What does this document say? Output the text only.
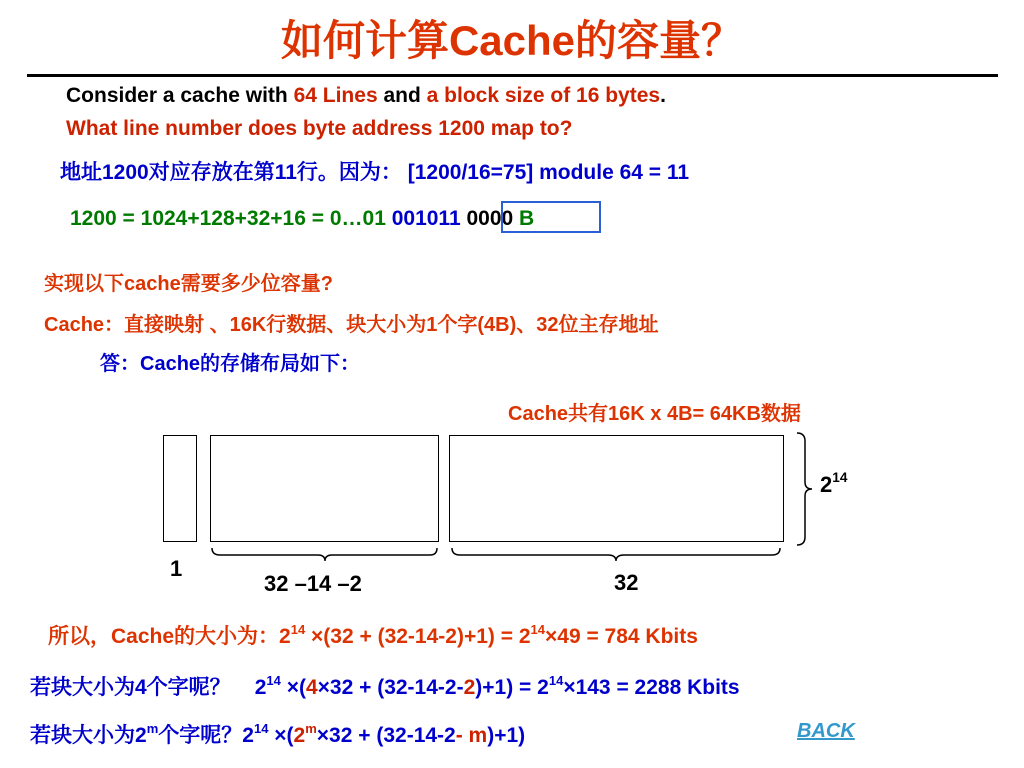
如何计算Cache的容量？
Consider a cache with 64 Lines and a block size of 16 bytes.
What line number does byte address 1200 map to?
地址1200对应存放在第11行。因为： [1200/16=75] module 64 = 11
1200 = 1024+128+32+16 = 0…01 001011 0000 B
实现以下cache需要多少位容量?
Cache：直接映射 、16K行数据、块大小为1个字(4B)、32位主存地址
答：Cache的存储布局如下：
Cache共有16K x 4B= 64KB数据
1
32 –14 –2	32
$2^{14}$
所以，Cache的大小为：$2^{14} \times(32 + (32-14-2)+1) = 2^{14}\times 49 = 784$ Kbits
若块大小为4个字呢？ $2^{14} \times(4\times 32 + (32-14-2-2)+1) = 2^{14}\times 143 = 2288$ Kbits
若块大小为2$^m$个字呢？$2^{14} \times(2^m\times 32 + (32-14-2-$ m)+1)	BACK
